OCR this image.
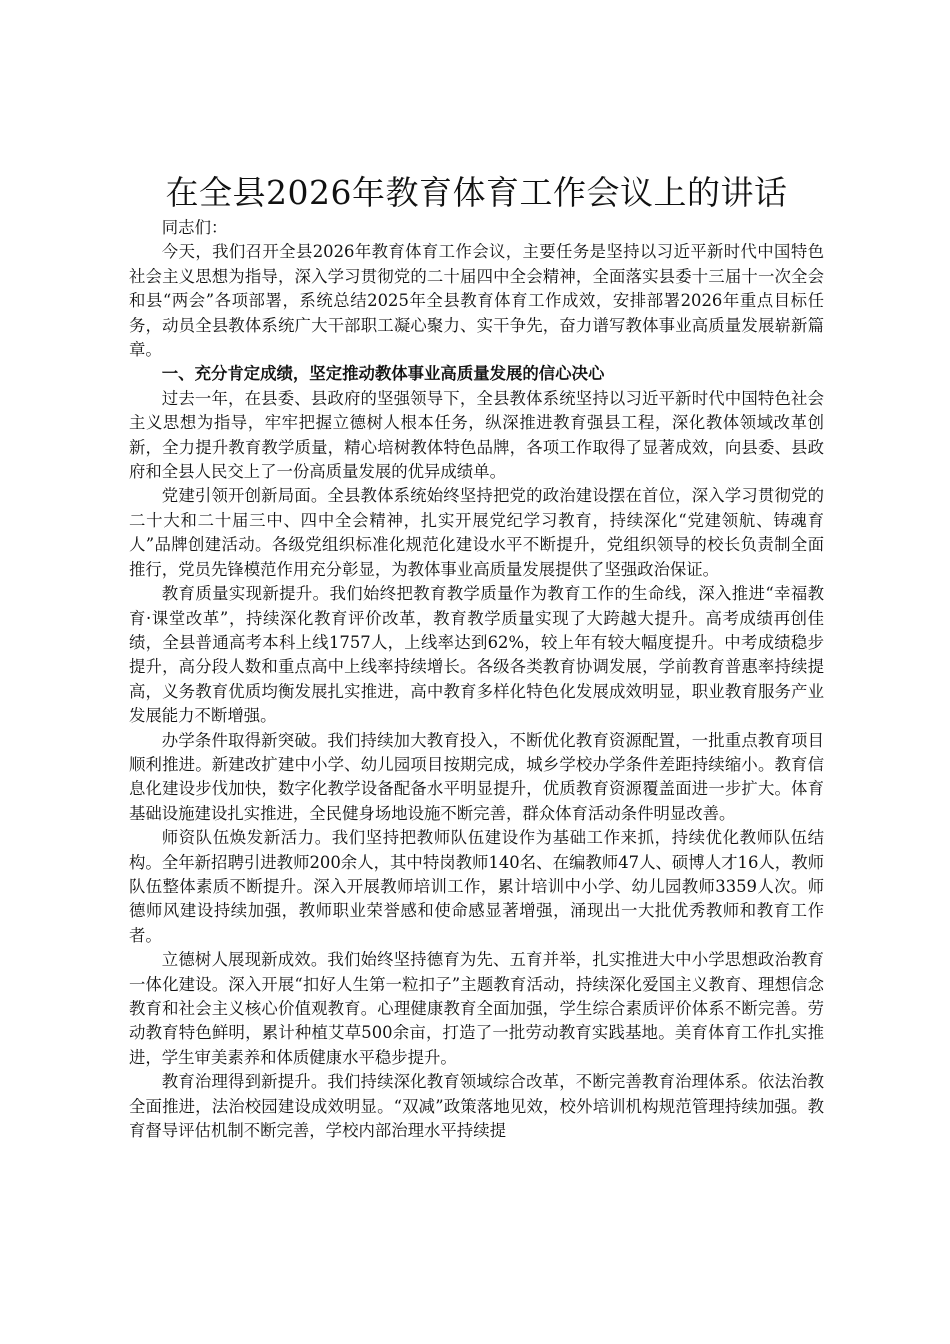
在全县2026年教育体育工作会议上的讲话

同志们：

今天，我们召开全县2026年教育体育工作会议，主要任务是坚持以习近平新时代中国特色社会主义思想为指导，深入学习贯彻党的二十届四中全会精神，全面落实县委十三届十一次全会和县“两会”各项部署，系统总结2025年全县教育体育工作成效，安排部署2026年重点目标任务，动员全县教体系统广大干部职工凝心聚力、实干争先，奋力谱写教体事业高质量发展崭新篇章。

一、充分肯定成绩，坚定推动教体事业高质量发展的信心决心

过去一年，在县委、县政府的坚强领导下，全县教体系统坚持以习近平新时代中国特色社会主义思想为指导，牢牢把握立德树人根本任务，纵深推进教育强县工程，深化教体领域改革创新，全力提升教育教学质量，精心培树教体特色品牌，各项工作取得了显著成效，向县委、县政府和全县人民交上了一份高质量发展的优异成绩单。

党建引领开创新局面。全县教体系统始终坚持把党的政治建设摆在首位，深入学习贯彻党的二十大和二十届三中、四中全会精神，扎实开展党纪学习教育，持续深化“党建领航、铸魂育人”品牌创建活动。各级党组织标准化规范化建设水平不断提升，党组织领导的校长负责制全面推行，党员先锋模范作用充分彰显，为教体事业高质量发展提供了坚强政治保证。

教育质量实现新提升。我们始终把教育教学质量作为教育工作的生命线，深入推进“幸福教育·课堂改革”，持续深化教育评价改革，教育教学质量实现了大跨越大提升。高考成绩再创佳绩，全县普通高考本科上线1757人，上线率达到62%，较上年有较大幅度提升。中考成绩稳步提升，高分段人数和重点高中上线率持续增长。各级各类教育协调发展，学前教育普惠率持续提高，义务教育优质均衡发展扎实推进，高中教育多样化特色化发展成效明显，职业教育服务产业发展能力不断增强。

办学条件取得新突破。我们持续加大教育投入，不断优化教育资源配置，一批重点教育项目顺利推进。新建改扩建中小学、幼儿园项目按期完成，城乡学校办学条件差距持续缩小。教育信息化建设步伐加快，数字化教学设备配备水平明显提升，优质教育资源覆盖面进一步扩大。体育基础设施建设扎实推进，全民健身场地设施不断完善，群众体育活动条件明显改善。

师资队伍焕发新活力。我们坚持把教师队伍建设作为基础工作来抓，持续优化教师队伍结构。全年新招聘引进教师200余人，其中特岗教师140名、在编教师47人、硕博人才16人，教师队伍整体素质不断提升。深入开展教师培训工作，累计培训中小学、幼儿园教师3359人次。师德师风建设持续加强，教师职业荣誉感和使命感显著增强，涌现出一大批优秀教师和教育工作者。

立德树人展现新成效。我们始终坚持德育为先、五育并举，扎实推进大中小学思想政治教育一体化建设。深入开展“扣好人生第一粒扣子”主题教育活动，持续深化爱国主义教育、理想信念教育和社会主义核心价值观教育。心理健康教育全面加强，学生综合素质评价体系不断完善。劳动教育特色鲜明，累计种植艾草500余亩，打造了一批劳动教育实践基地。美育体育工作扎实推进，学生审美素养和体质健康水平稳步提升。

教育治理得到新提升。我们持续深化教育领域综合改革，不断完善教育治理体系。依法治教全面推进，法治校园建设成效明显。“双减”政策落地见效，校外培训机构规范管理持续加强。教育督导评估机制不断完善，学校内部治理水平持续提
